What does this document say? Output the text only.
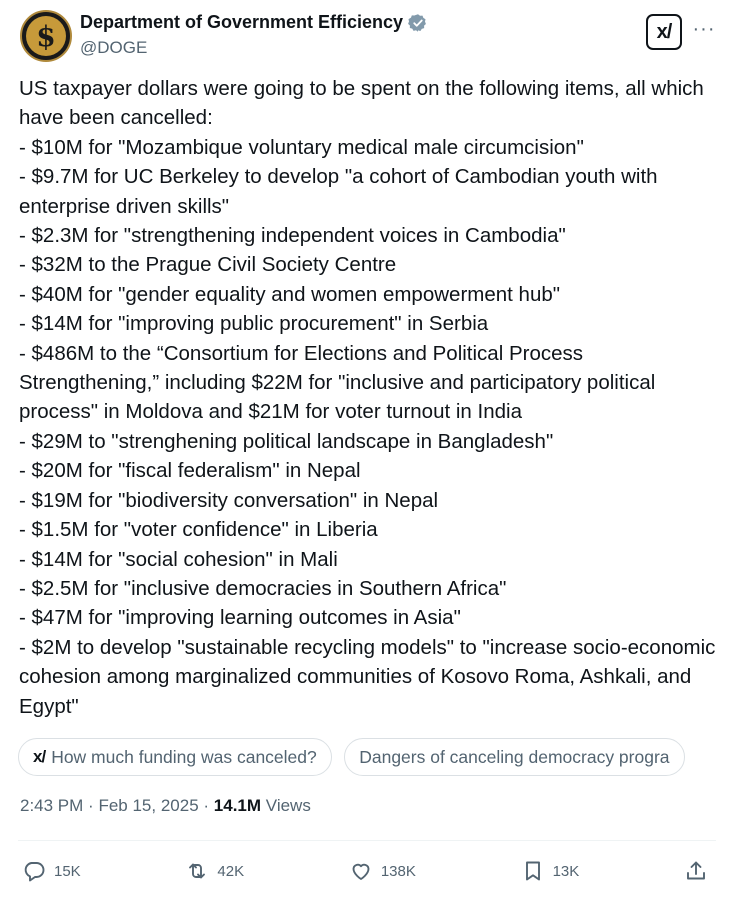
$ Department of Government Efficiency
@DOGE
x/ ···
US taxpayer dollars were going to be spent on the following items, all which have been cancelled:
- $10M for "Mozambique voluntary medical male circumcision"
- $9.7M for UC Berkeley to develop "a cohort of Cambodian youth with enterprise driven skills"
- $2.3M for "strengthening independent voices in Cambodia"
- $32M to the Prague Civil Society Centre
- $40M for "gender equality and women empowerment hub"
- $14M for "improving public procurement" in Serbia
- $486M to the “Consortium for Elections and Political Process Strengthening,” including $22M for "inclusive and participatory political process" in Moldova and $21M for voter turnout in India
- $29M to "strenghening political landscape in Bangladesh"
- $20M for "fiscal federalism" in Nepal
- $19M for "biodiversity conversation" in Nepal
- $1.5M for "voter confidence" in Liberia
- $14M for "social cohesion" in Mali
- $2.5M for "inclusive democracies in Southern Africa"
- $47M for "improving learning outcomes in Asia"
- $2M to develop "sustainable recycling models" to "increase socio-economic cohesion among marginalized communities of Kosovo Roma, Ashkali, and Egypt"
x/ How much funding was canceled?
Dangers of canceling democracy progra
2:43 PM · Feb 15, 2025 · 14.1M Views
15K	42K	138K	13K
